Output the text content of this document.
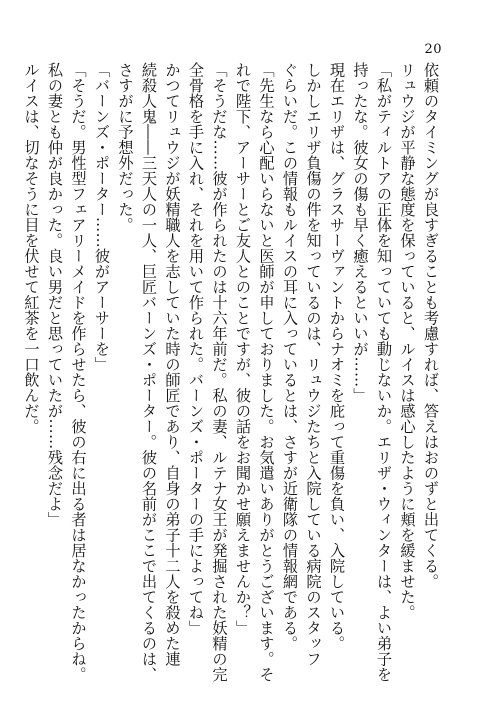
20
依頼のタイミングが良すぎることも考慮すれば、答えはおのずと出てくる。
リュウジが平静な態度を保っていると、ルイスは感心したように頬を緩ませた。
「私がティルトアの正体を知っていても動じないか。エリザ・ウィンターは、よい弟子を
持ったな。彼女の傷も早く癒えるといいが……」
現在エリザは、グラスサーヴァントからナオミを庇って重傷を負い、入院している。
しかしエリザ負傷の件を知っているのは、リュウジたちと入院している病院のスタッフ
ぐらいだ。この情報もルイスの耳に入っているとは、さすが近衛隊の情報網である。
「先生なら心配いらないと医師が申しておりました。お気遣いありがとうございます。そ
れで陛下、アーサーとご友人とのことですが、彼の話をお聞かせ願えませんか？」
「そうだな……彼が作られたのは十六年前だ。私の妻、ルテナ女王が発掘された妖精の完
全骨格を手に入れ、それを用いて作られた。バーンズ・ポーターの手によってね」
かつてリュウジが妖精職人を志していた時の師匠であり、自身の弟子十二人を殺めた連
続殺人鬼――三天人の一人、巨匠バーンズ・ポーター。彼の名前がここで出てくるのは、
さすがに予想外だった。
「バーンズ・ポーター……彼がアーサーを」
「そうだ。男性型フェアリーメイドを作らせたら、彼の右に出る者は居なかったからね。
私の妻とも仲が良かった。良い男だと思っていたが……残念だよ」
ルイスは、切なそうに目を伏せて紅茶を一口飲んだ。
